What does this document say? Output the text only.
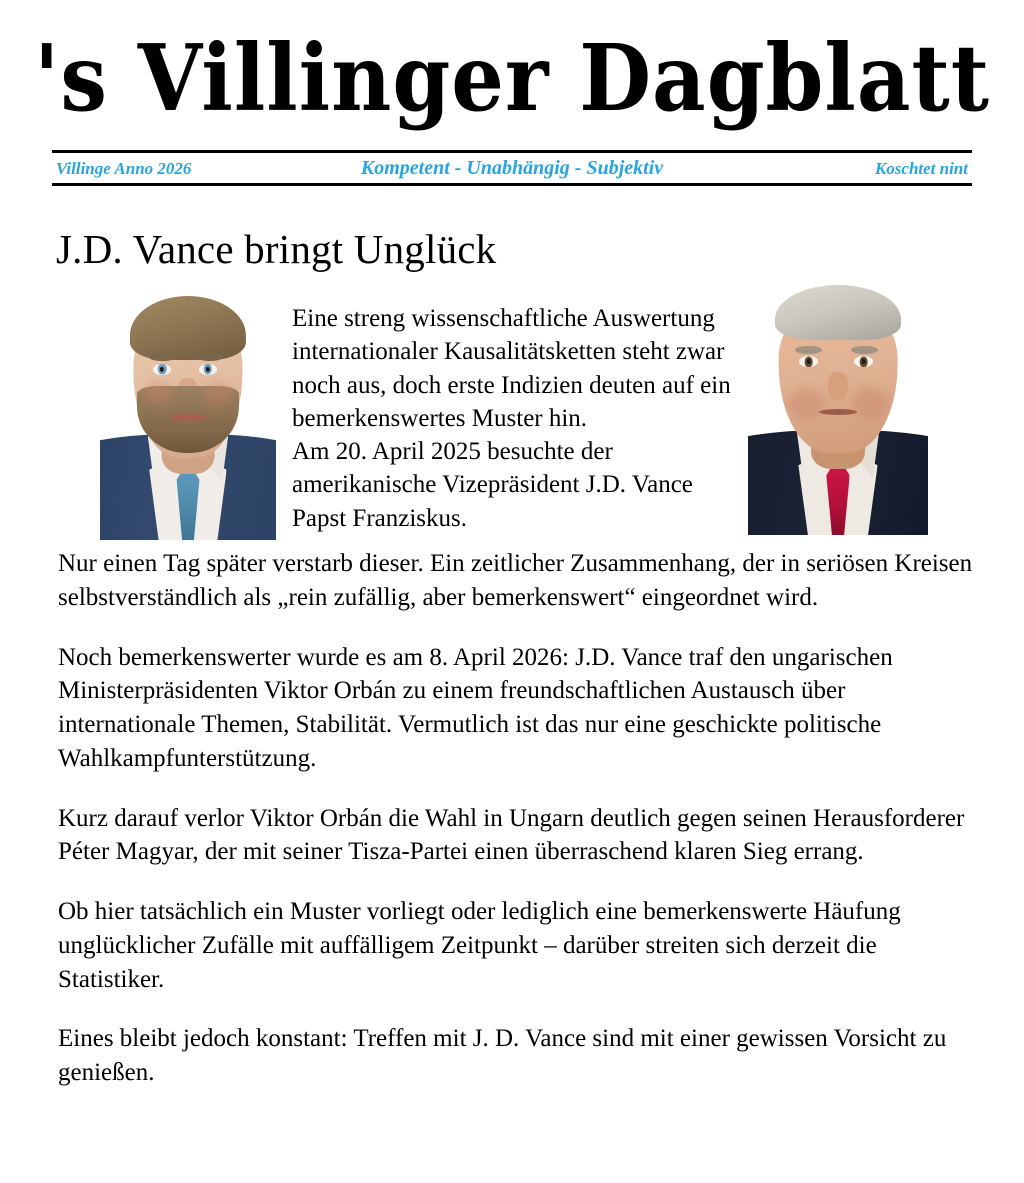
's Villinger Dagblatt
Villinge Anno 2026	Kompetent - Unabhängig - Subjektiv	Koschtet nint
J.D. Vance bringt Unglück

Eine streng wissenschaftliche Auswertung internationaler Kausalitätsketten steht zwar noch aus, doch erste Indizien deuten auf ein bemerkenswertes Muster hin.

Am 20. April 2025 besuchte der amerikanische Vizepräsident J.D. Vance Papst Franziskus.

Nur einen Tag später verstarb dieser. Ein zeitlicher Zusammenhang, der in seriösen Kreisen selbstverständlich als „rein zufällig, aber bemerkenswert“ eingeordnet wird.

Noch bemerkenswerter wurde es am 8. April 2026: J.D. Vance traf den ungarischen Ministerpräsidenten Viktor Orbán zu einem freundschaftlichen Austausch über internationale Themen, Stabilität. Vermutlich ist das nur eine geschickte politische Wahlkampfunterstützung.

Kurz darauf verlor Viktor Orbán die Wahl in Ungarn deutlich gegen seinen Herausforderer Péter Magyar, der mit seiner Tisza-Partei einen überraschend klaren Sieg errang.

Ob hier tatsächlich ein Muster vorliegt oder lediglich eine bemerkenswerte Häufung unglücklicher Zufälle mit auffälligem Zeitpunkt – darüber streiten sich derzeit die Statistiker.

Eines bleibt jedoch konstant: Treffen mit J. D. Vance sind mit einer gewissen Vorsicht zu genießen.
